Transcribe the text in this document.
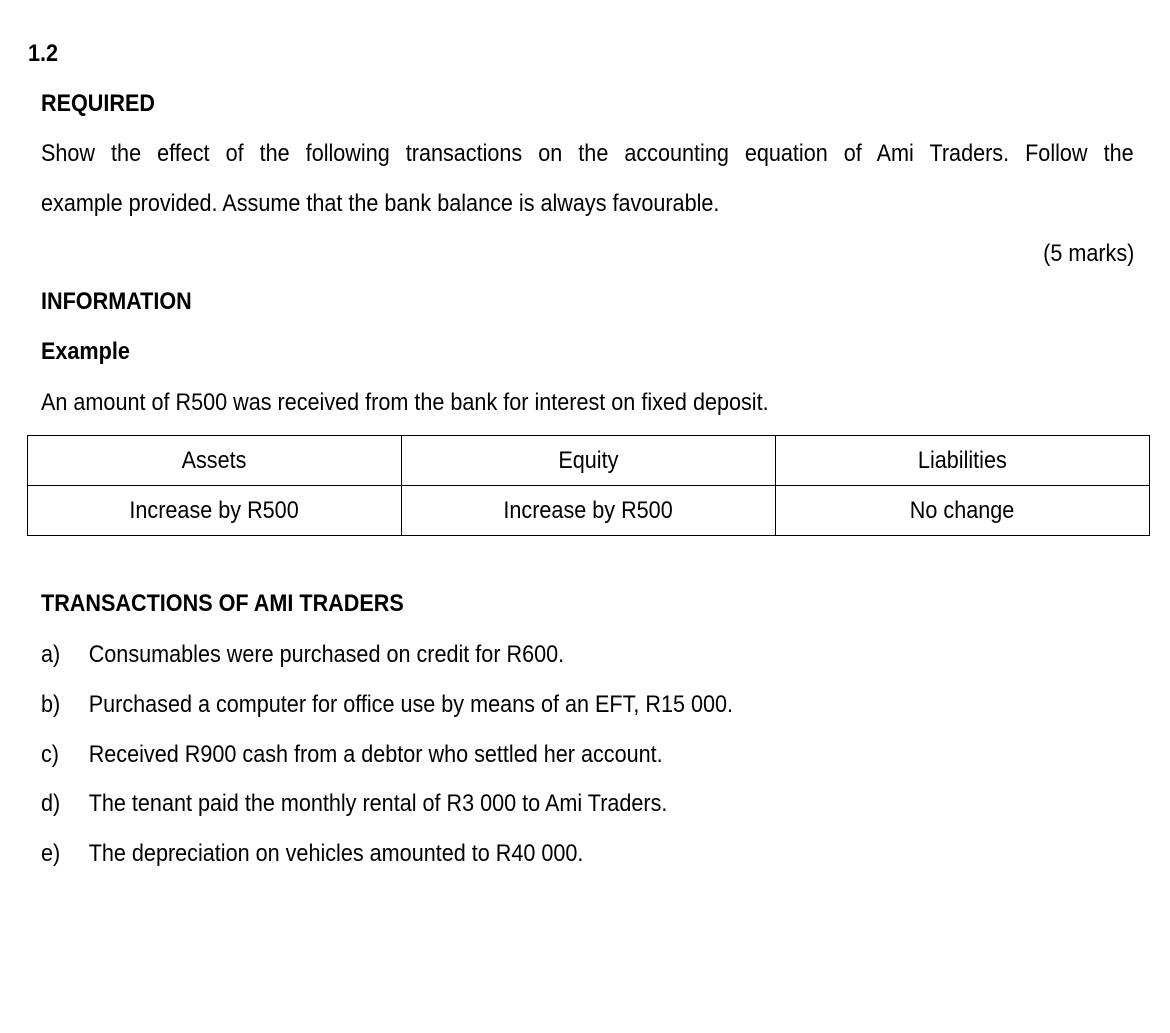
1.2
REQUIRED
Show the effect of the following transactions on the accounting equation of Ami Traders. Follow the
example provided. Assume that the bank balance is always favourable.
(5 marks)
INFORMATION
Example
An amount of R500 was received from the bank for interest on fixed deposit.
Assets	Equity	Liabilities
Increase by R500	Increase by R500	No change
TRANSACTIONS OF AMI TRADERS
a) Consumables were purchased on credit for R600.
b) Purchased a computer for office use by means of an EFT, R15 000.
c) Received R900 cash from a debtor who settled her account.
d) The tenant paid the monthly rental of R3 000 to Ami Traders.
e) The depreciation on vehicles amounted to R40 000.
